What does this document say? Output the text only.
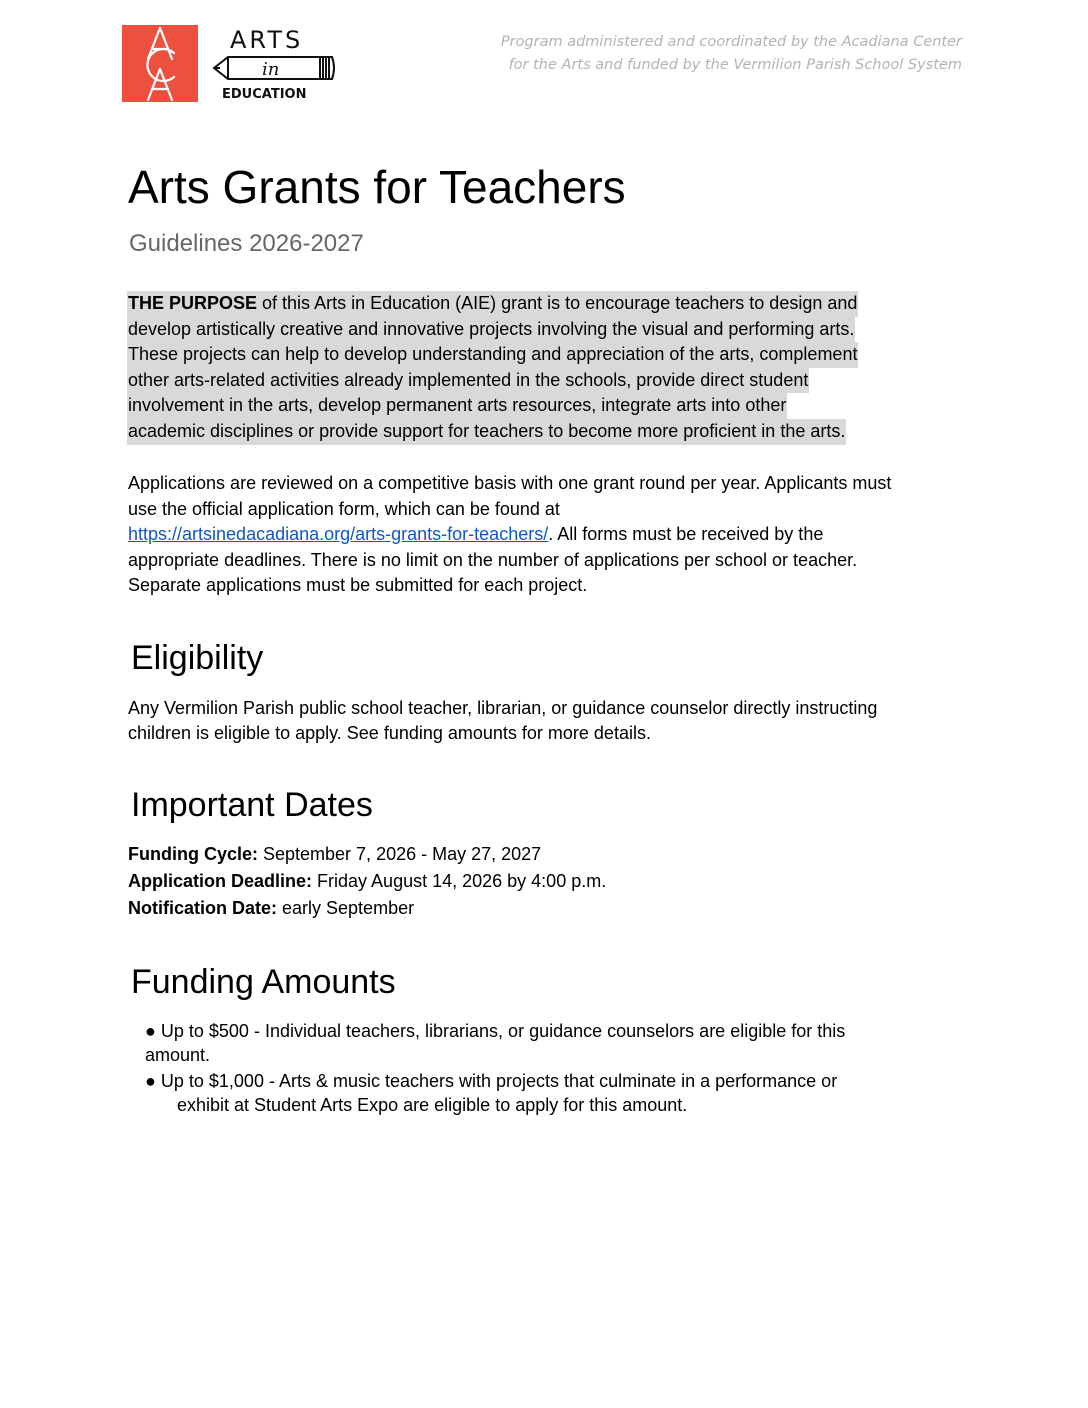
ARTS
in
EDUCATION
Program administered and coordinated by the Acadiana Center
for the Arts and funded by the Vermilion Parish School System
Arts Grants for Teachers
Guidelines 2026-2027
THE PURPOSE of this Arts in Education (AIE) grant is to encourage teachers to design and
develop artistically creative and innovative projects involving the visual and performing arts.
These projects can help to develop understanding and appreciation of the arts, complement
other arts-related activities already implemented in the schools, provide direct student
involvement in the arts, develop permanent arts resources, integrate arts into other
academic disciplines or provide support for teachers to become more proficient in the arts.
Applications are reviewed on a competitive basis with one grant round per year. Applicants must
use the official application form, which can be found at
https://artsinedacadiana.org/arts-grants-for-teachers/. All forms must be received by the
appropriate deadlines. There is no limit on the number of applications per school or teacher.
Separate applications must be submitted for each project.
Eligibility
Any Vermilion Parish public school teacher, librarian, or guidance counselor directly instructing
children is eligible to apply. See funding amounts for more details.
Important Dates
Funding Cycle: September 7, 2026 - May 27, 2027
Application Deadline: Friday August 14, 2026 by 4:00 p.m.
Notification Date: early September
Funding Amounts
● Up to $500 - Individual teachers, librarians, or guidance counselors are eligible for this
amount.
● Up to $1,000 - Arts & music teachers with projects that culminate in a performance or
exhibit at Student Arts Expo are eligible to apply for this amount.
